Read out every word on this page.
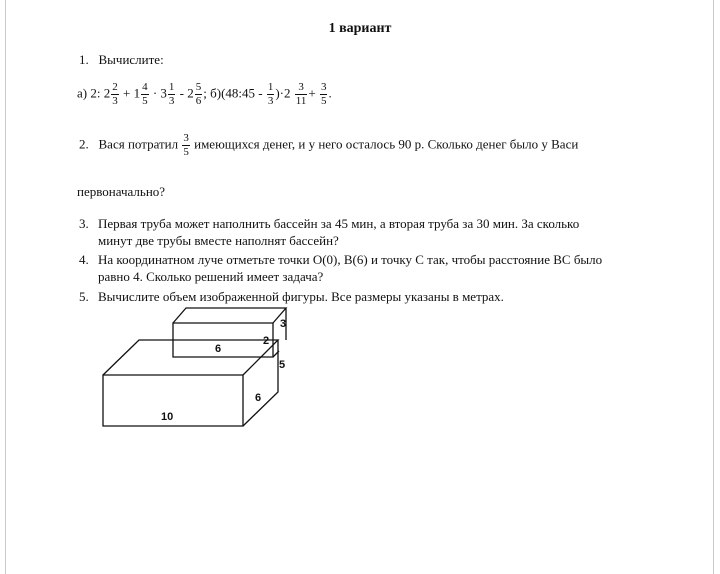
1 вариант
1. Вычислите:
а) 2: $2 \frac{2}{3} + 1 \frac{4}{5} \cdot 3 \frac{1}{3} - 2 \frac{5}{6}$ ; б)(48:45 - $\frac{1}{3} )\cdot 2 \frac{3}{11} + \frac{3}{5}$ .
2. Вася потратил $\frac{3}{5}$ имеющихся денег, и у него осталось 90 р. Сколько денег было у Васи
первоначально?
3. Первая труба может наполнить бассейн за 45 мин, а вторая труба за 30 мин. За сколько
минут две трубы вместе наполнят бассейн?
4. На координатном луче отметьте точки О(0), В(6) и точку С так, чтобы расстояние ВС было
равно 4. Сколько решений имеет задача?
5. Вычислите объем изображенной фигуры. Все размеры указаны в метрах.
6
2
3
5
6
10
